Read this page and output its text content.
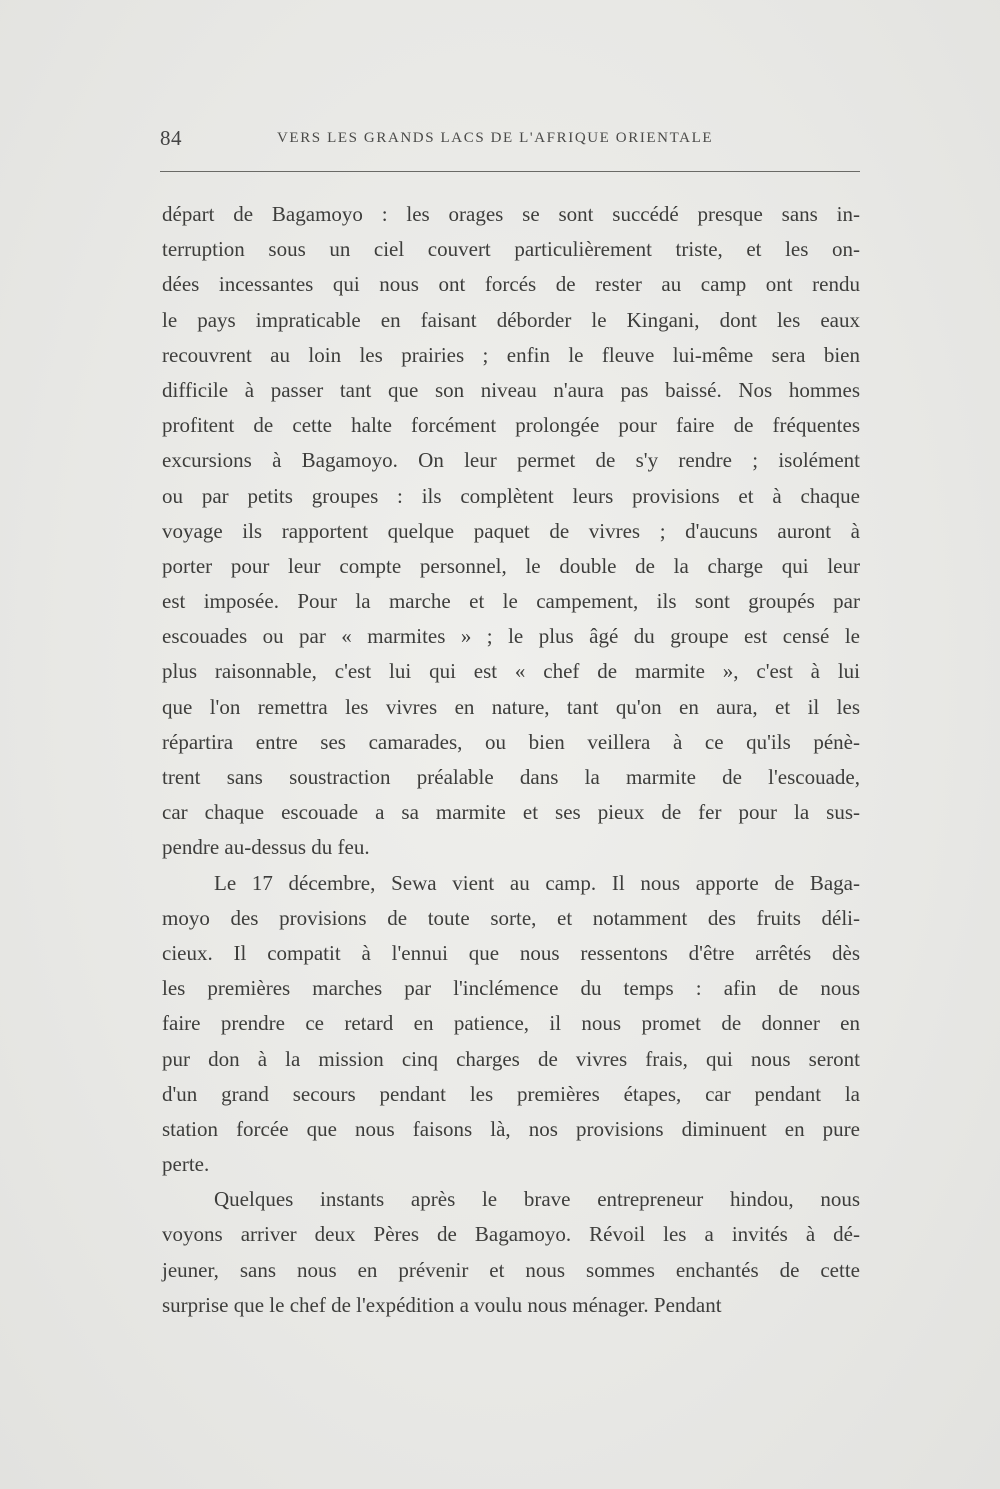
84	VERS LES GRANDS LACS DE L'AFRIQUE ORIENTALE
départ de Bagamoyo : les orages se sont succédé presque sans in-
terruption sous un ciel couvert particulièrement triste, et les on-
dées incessantes qui nous ont forcés de rester au camp ont rendu
le pays impraticable en faisant déborder le Kingani, dont les eaux
recouvrent au loin les prairies ; enfin le fleuve lui-même sera bien
difficile à passer tant que son niveau n'aura pas baissé. Nos hommes
profitent de cette halte forcément prolongée pour faire de fréquentes
excursions à Bagamoyo. On leur permet de s'y rendre ; isolément
ou par petits groupes : ils complètent leurs provisions et à chaque
voyage ils rapportent quelque paquet de vivres ; d'aucuns auront à
porter pour leur compte personnel, le double de la charge qui leur
est imposée. Pour la marche et le campement, ils sont groupés par
escouades ou par « marmites » ; le plus âgé du groupe est censé le
plus raisonnable, c'est lui qui est « chef de marmite », c'est à lui
que l'on remettra les vivres en nature, tant qu'on en aura, et il les
répartira entre ses camarades, ou bien veillera à ce qu'ils pénè-
trent sans soustraction préalable dans la marmite de l'escouade,
car chaque escouade a sa marmite et ses pieux de fer pour la sus-
pendre au-dessus du feu.
Le 17 décembre, Sewa vient au camp. Il nous apporte de Baga-
moyo des provisions de toute sorte, et notamment des fruits déli-
cieux. Il compatit à l'ennui que nous ressentons d'être arrêtés dès
les premières marches par l'inclémence du temps : afin de nous
faire prendre ce retard en patience, il nous promet de donner en
pur don à la mission cinq charges de vivres frais, qui nous seront
d'un grand secours pendant les premières étapes, car pendant la
station forcée que nous faisons là, nos provisions diminuent en pure
perte.
Quelques instants après le brave entrepreneur hindou, nous
voyons arriver deux Pères de Bagamoyo. Révoil les a invités à dé-
jeuner, sans nous en prévenir et nous sommes enchantés de cette
surprise que le chef de l'expédition a voulu nous ménager. Pendant
